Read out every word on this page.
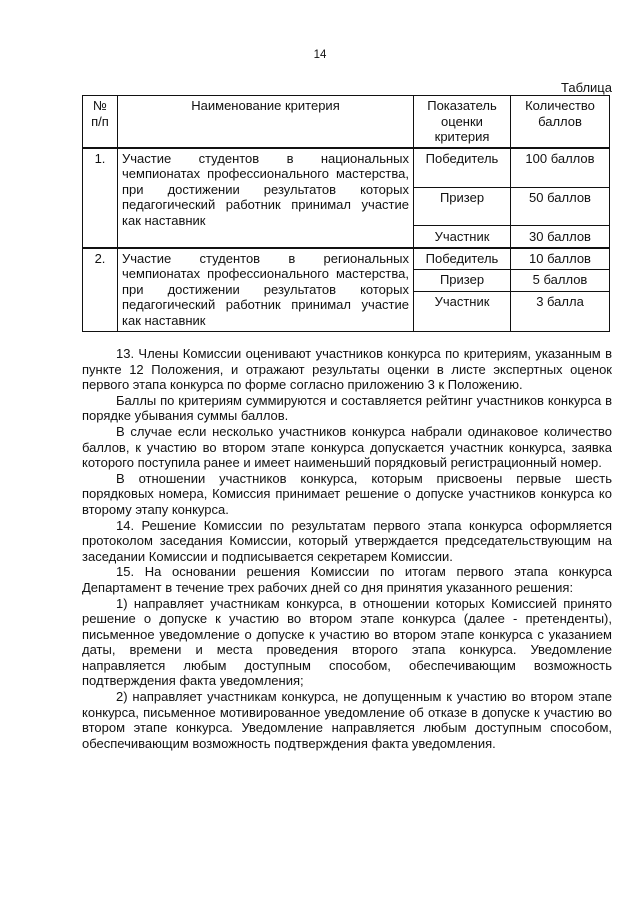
14
Таблица
№ п/п	Наименование критерия	Показатель оценки критерия	Количество баллов
1.	Участие студентов в национальных чемпионатах профессионального мастерства, при достижении результатов которых педагогический работник принимал участие как наставник	Победитель	100 баллов
		Призер	50 баллов
		Участник	30 баллов
2.	Участие студентов в региональных чемпионатах профессионального мастерства, при достижении результатов которых педагогический работник принимал участие как наставник	Победитель	10 баллов
		Призер	5 баллов
		Участник	3 балла

13. Члены Комиссии оценивают участников конкурса по критериям, указанным в пункте 12 Положения, и отражают результаты оценки в листе экспертных оценок первого этапа конкурса по форме согласно приложению 3 к Положению.

Баллы по критериям суммируются и составляется рейтинг участников конкурса в порядке убывания суммы баллов.

В случае если несколько участников конкурса набрали одинаковое количество баллов, к участию во втором этапе конкурса допускается участник конкурса, заявка которого поступила ранее и имеет наименьший порядковый регистрационный номер.

В отношении участников конкурса, которым присвоены первые шесть порядковых номера, Комиссия принимает решение о допуске участников конкурса ко второму этапу конкурса.

14. Решение Комиссии по результатам первого этапа конкурса оформляется протоколом заседания Комиссии, который утверждается председательствующим на заседании Комиссии и подписывается секретарем Комиссии.

15. На основании решения Комиссии по итогам первого этапа конкурса Департамент в течение трех рабочих дней со дня принятия указанного решения:

1) направляет участникам конкурса, в отношении которых Комиссией принято решение о допуске к участию во втором этапе конкурса (далее - претенденты), письменное уведомление о допуске к участию во втором этапе конкурса с указанием даты, времени и места проведения второго этапа конкурса. Уведомление направляется любым доступным способом, обеспечивающим возможность подтверждения факта уведомления;

2) направляет участникам конкурса, не допущенным к участию во втором этапе конкурса, письменное мотивированное уведомление об отказе в допуске к участию во втором этапе конкурса. Уведомление направляется любым доступным способом, обеспечивающим возможность подтверждения факта уведомления.
